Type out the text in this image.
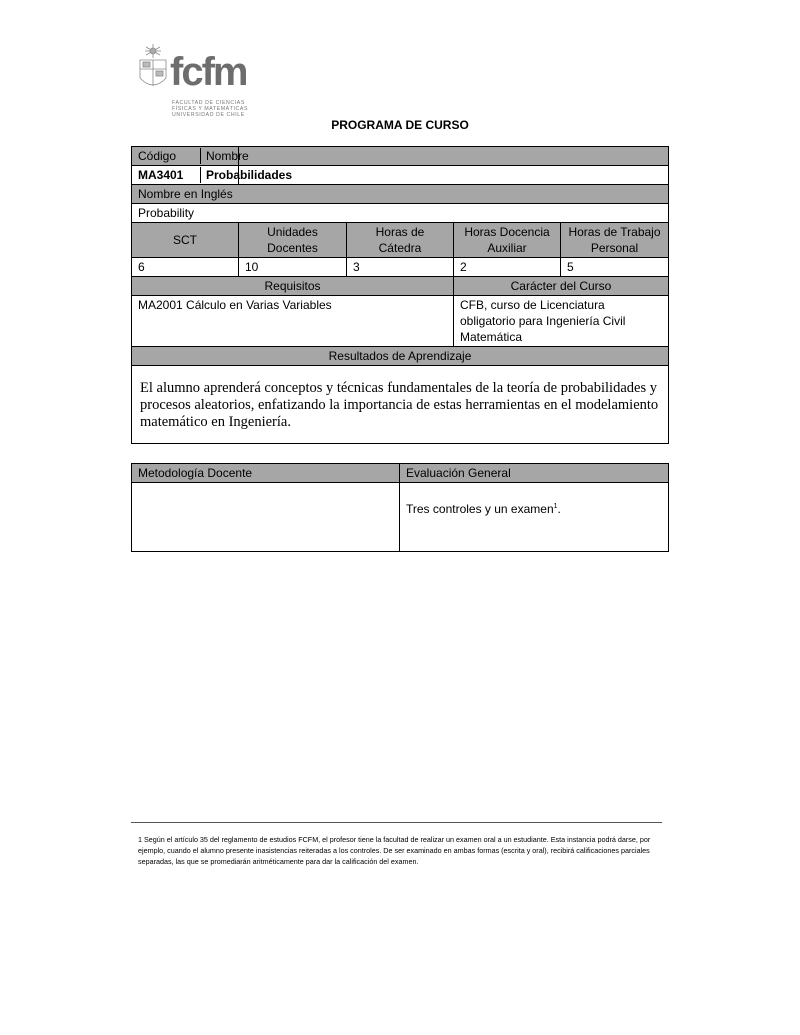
fcfm
FACULTAD DE CIENCIAS
FÍSICAS Y MATEMÁTICAS
UNIVERSIDAD DE CHILE
PROGRAMA DE CURSO
Código	Nombre			
MA3401	Probabilidades			
Nombre en Inglés				
Probability				
SCT	Unidades Docentes	Horas de Cátedra	Horas Docencia Auxiliar	Horas de Trabajo Personal
6	10	3	2	5
Requisitos			Carácter del Curso	
MA2001 Cálculo en Varias Variables			CFB, curso de Licenciatura obligatorio para Ingeniería Civil Matemática	
Resultados de Aprendizaje				
El alumno aprenderá conceptos y técnicas fundamentales de la teoría de probabilidades y procesos aleatorios, enfatizando la importancia de estas herramientas en el modelamiento matemático en Ingeniería.				
Metodología Docente	Evaluación General
	Tres controles y un examen$^1$.
1 Según el artículo 35 del reglamento de estudios FCFM, el profesor tiene la facultad de realizar un examen oral a un estudiante. Esta instancia podrá darse, por ejemplo, cuando el alumno presente inasistencias reiteradas a los controles. De ser examinado en ambas formas (escrita y oral), recibirá calificaciones parciales separadas, las que se promediarán aritméticamente para dar la calificación del examen.
